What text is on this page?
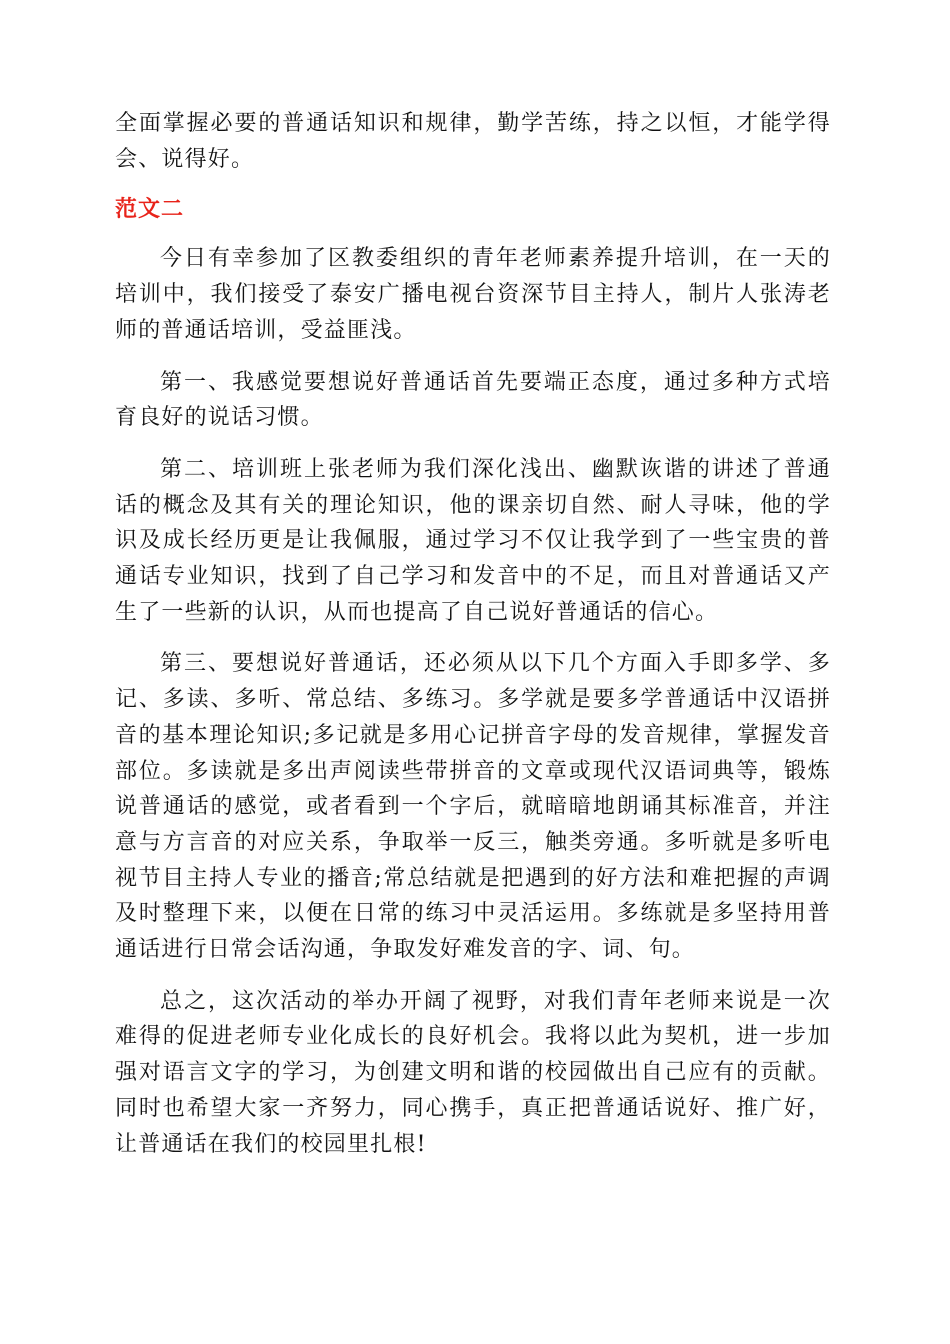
全面掌握必要的普通话知识和规律，勤学苦练，持之以恒，才能学得会、说得好。

范文二

今日有幸参加了区教委组织的青年老师素养提升培训，在一天的培训中，我们接受了泰安广播电视台资深节目主持人，制片人张涛老师的普通话培训，受益匪浅。

第一、我感觉要想说好普通话首先要端正态度，通过多种方式培育良好的说话习惯。

第二、培训班上张老师为我们深化浅出、幽默诙谐的讲述了普通话的概念及其有关的理论知识，他的课亲切自然、耐人寻味，他的学识及成长经历更是让我佩服，通过学习不仅让我学到了一些宝贵的普通话专业知识，找到了自己学习和发音中的不足，而且对普通话又产生了一些新的认识，从而也提高了自己说好普通话的信心。

第三、要想说好普通话，还必须从以下几个方面入手即多学、多记、多读、多听、常总结、多练习。多学就是要多学普通话中汉语拼音的基本理论知识;多记就是多用心记拼音字母的发音规律，掌握发音部位。多读就是多出声阅读些带拼音的文章或现代汉语词典等，锻炼说普通话的感觉，或者看到一个字后，就暗暗地朗诵其标准音，并注意与方言音的对应关系，争取举一反三，触类旁通。多听就是多听电视节目主持人专业的播音;常总结就是把遇到的好方法和难把握的声调及时整理下来，以便在日常的练习中灵活运用。多练就是多坚持用普通话进行日常会话沟通，争取发好难发音的字、词、句。

总之，这次活动的举办开阔了视野，对我们青年老师来说是一次难得的促进老师专业化成长的良好机会。我将以此为契机，进一步加强对语言文字的学习，为创建文明和谐的校园做出自己应有的贡献。同时也希望大家一齐努力，同心携手，真正把普通话说好、推广好，让普通话在我们的校园里扎根!
